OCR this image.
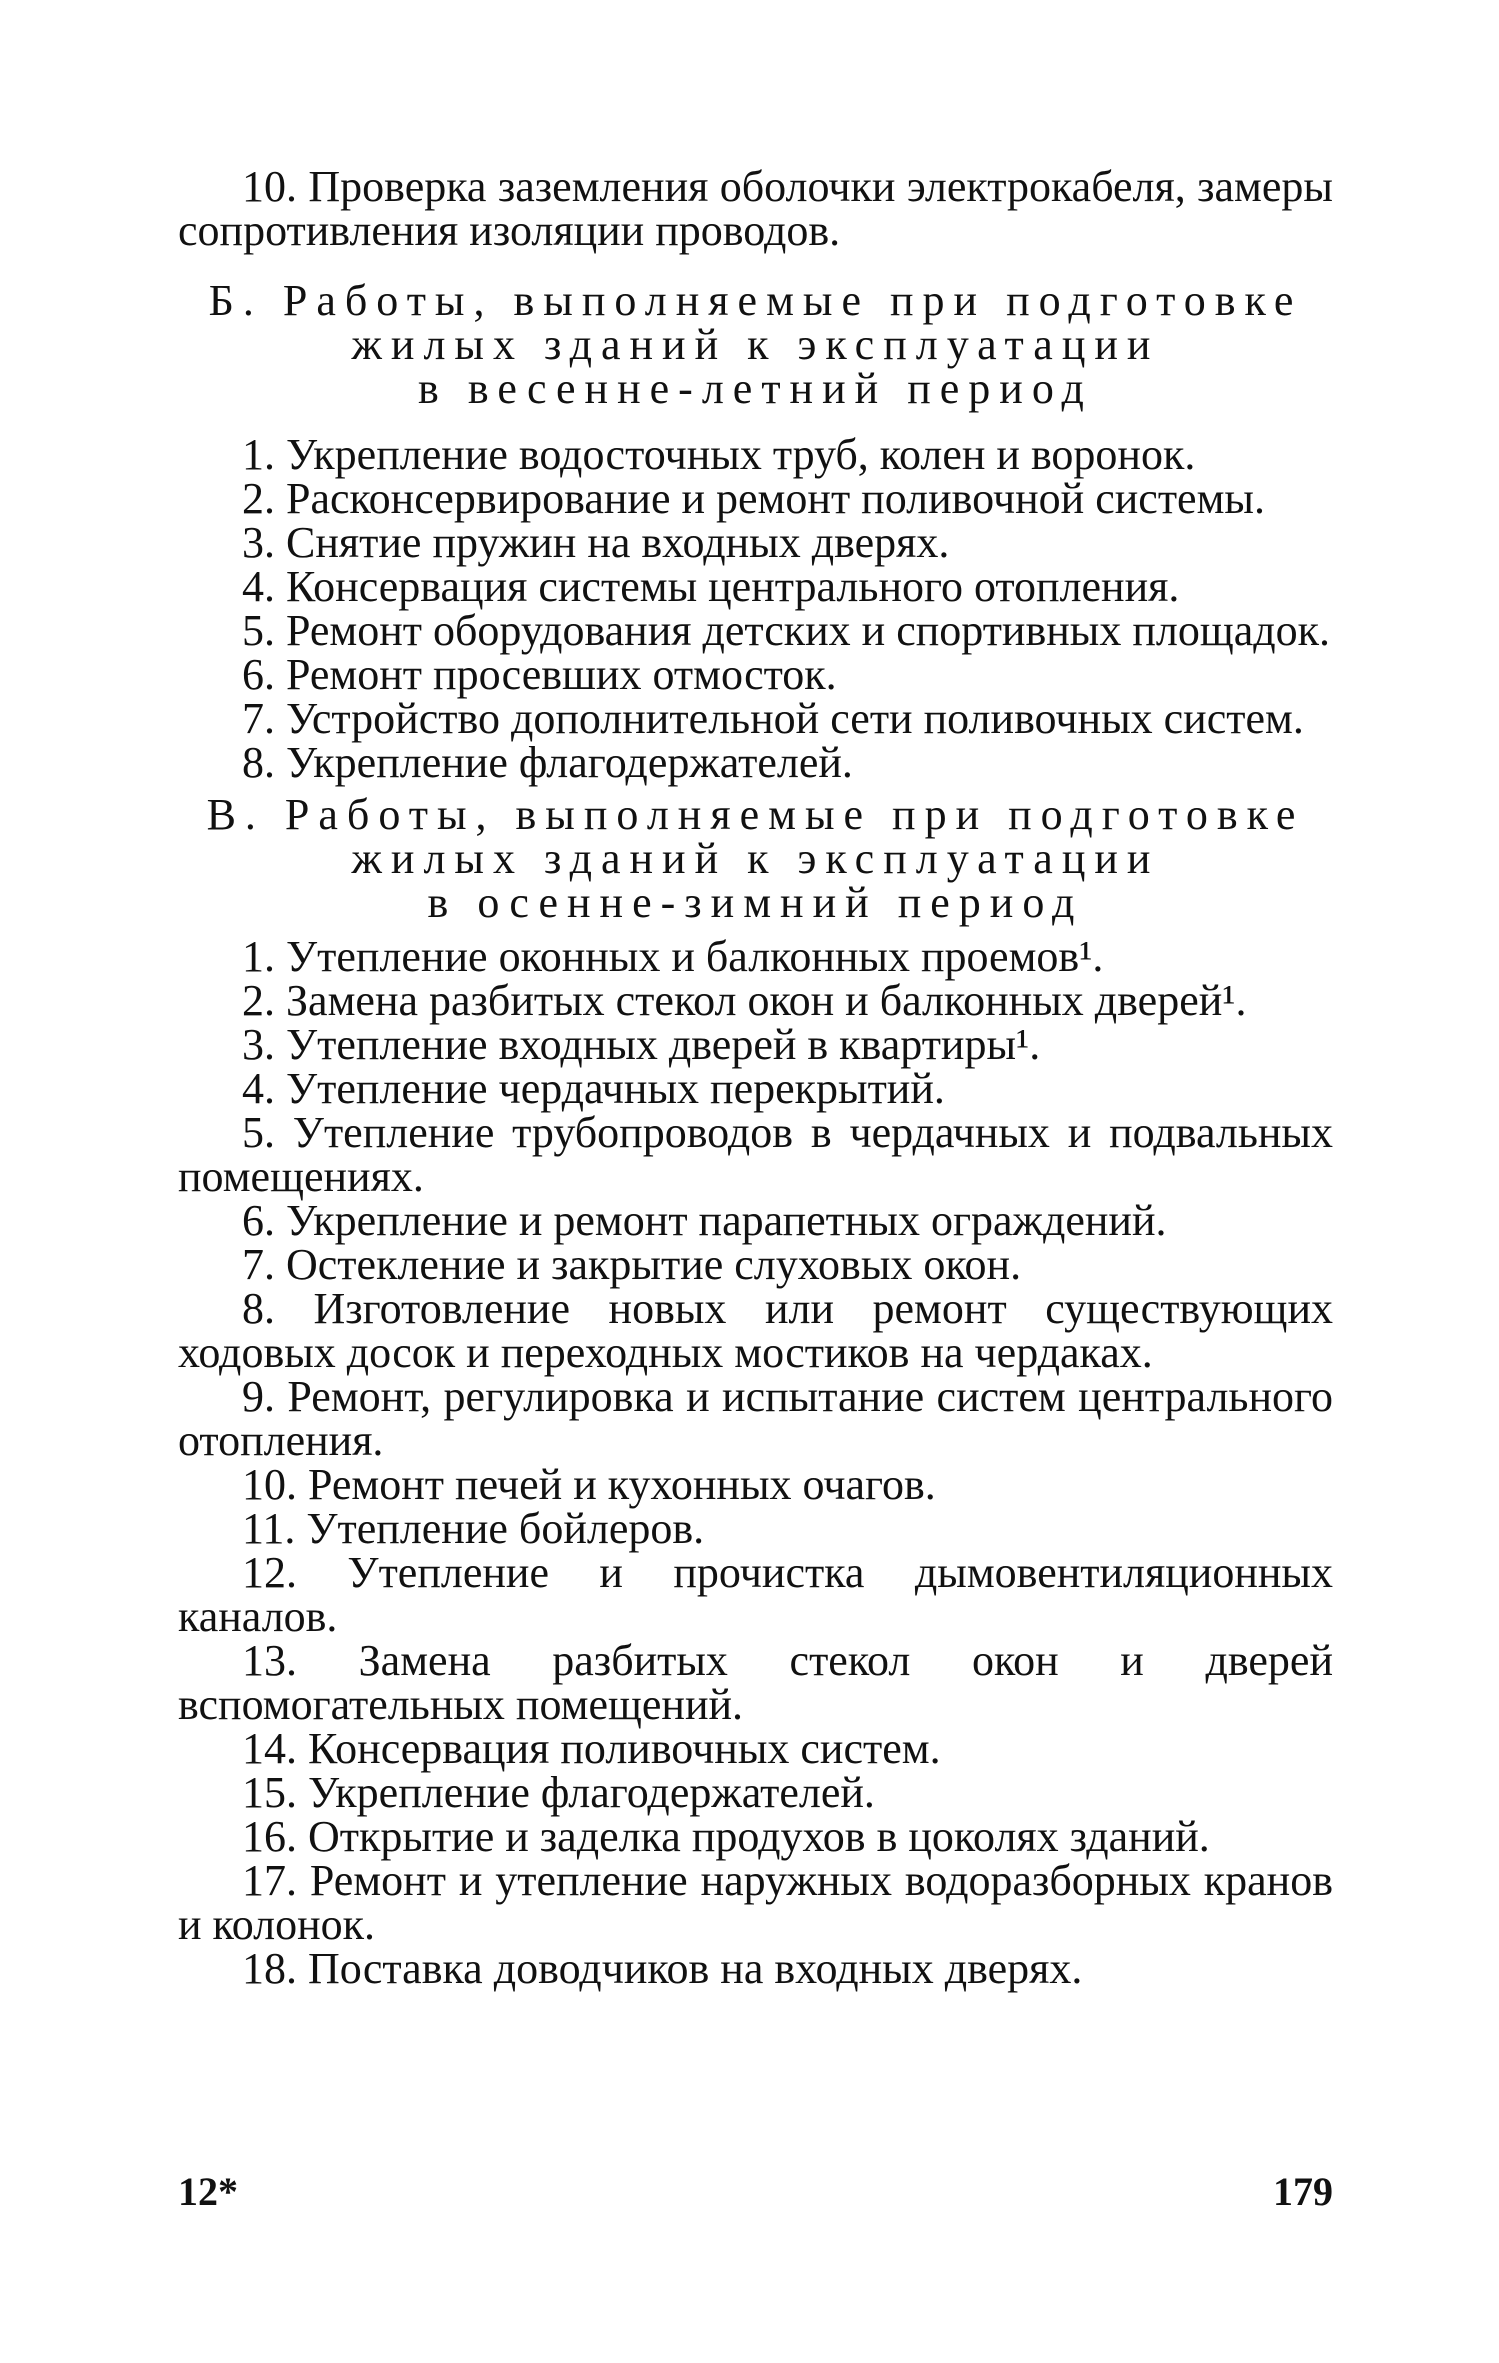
10. Проверка заземления оболочки электрокабеля, замеры сопротивления изоляции проводов.

Б. Работы, выполняемые при подготовке

жилых зданий к эксплуатации

в весенне-летний период

1. Укрепление водосточных труб, колен и воронок.

2. Расконсервирование и ремонт поливочной системы.

3. Снятие пружин на входных дверях.

4. Консервация системы центрального отопления.

5. Ремонт оборудования детских и спортивных площадок.

6. Ремонт просевших отмосток.

7. Устройство дополнительной сети поливочных систем.

8. Укрепление флагодержателей.

В. Работы, выполняемые при подготовке

жилых зданий к эксплуатации

в осенне-зимний период

1. Утепление оконных и балконных проемов¹.

2. Замена разбитых стекол окон и балконных дверей¹.

3. Утепление входных дверей в квартиры¹.

4. Утепление чердачных перекрытий.

5. Утепление трубопроводов в чердачных и подвальных помещениях.

6. Укрепление и ремонт парапетных ограждений.

7. Остекление и закрытие слуховых окон.

8. Изготовление новых или ремонт существующих ходовых досок и переходных мостиков на чердаках.

9. Ремонт, регулировка и испытание систем центрального отопления.

10. Ремонт печей и кухонных очагов.

11. Утепление бойлеров.

12. Утепление и прочистка дымовентиляционных каналов.

13. Замена разбитых стекол окон и дверей вспомогательных помещений.

14. Консервация поливочных систем.

15. Укрепление флагодержателей.

16. Открытие и заделка продухов в цоколях зданий.

17. Ремонт и утепление наружных водоразборных кранов и колонок.

18. Поставка доводчиков на входных дверях.

12*	179
